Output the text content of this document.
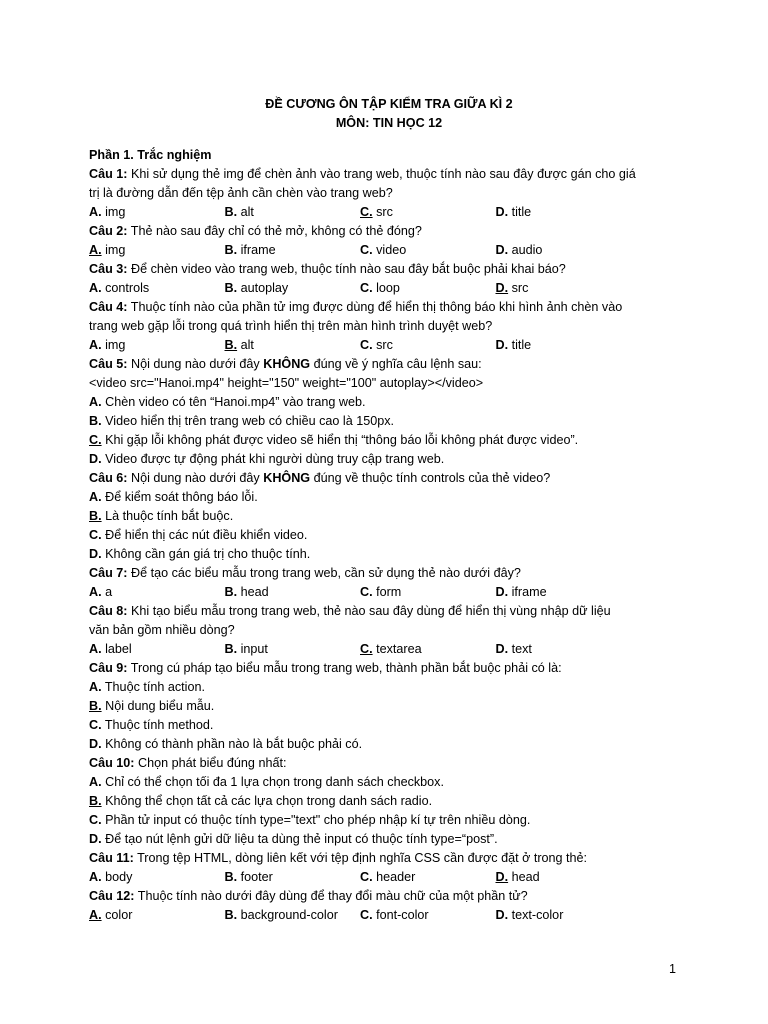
ĐỀ CƯƠNG ÔN TẬP KIỂM TRA GIỮA KÌ 2
MÔN: TIN HỌC 12
Phần 1. Trắc nghiệm
Câu 1: Khi sử dụng thẻ img để chèn ảnh vào trang web, thuộc tính nào sau đây được gán cho giá
trị là đường dẫn đến tệp ảnh cần chèn vào trang web?
A. img	B. alt	C. src	D. title
Câu 2: Thẻ nào sau đây chỉ có thẻ mở, không có thẻ đóng?
A. img	B. iframe	C. video	D. audio
Câu 3: Để chèn video vào trang web, thuộc tính nào sau đây bắt buộc phải khai báo?
A. controls	B. autoplay	C. loop	D. src
Câu 4: Thuộc tính nào của phần tử img được dùng để hiển thị thông báo khi hình ảnh chèn vào
trang web gặp lỗi trong quá trình hiển thị trên màn hình trình duyệt web?
A. img	B. alt	C. src	D. title
Câu 5: Nội dung nào dưới đây KHÔNG đúng về ý nghĩa câu lệnh sau:
<video src="Hanoi.mp4" height="150" weight="100" autoplay></video>
A. Chèn video có tên “Hanoi.mp4” vào trang web.
B. Video hiển thị trên trang web có chiều cao là 150px.
C. Khi gặp lỗi không phát được video sẽ hiển thị “thông báo lỗi không phát được video”.
D. Video được tự động phát khi người dùng truy cập trang web.
Câu 6: Nội dung nào dưới đây KHÔNG đúng về thuộc tính controls của thẻ video?
A. Để kiểm soát thông báo lỗi.
B. Là thuộc tính bắt buộc.
C. Để hiển thị các nút điều khiển video.
D. Không cần gán giá trị cho thuộc tính.
Câu 7: Để tạo các biểu mẫu trong trang web, cần sử dụng thẻ nào dưới đây?
A. a	B. head	C. form	D. iframe
Câu 8: Khi tạo biểu mẫu trong trang web, thẻ nào sau đây dùng để hiển thị vùng nhập dữ liệu
văn bản gồm nhiều dòng?
A. label	B. input	C. textarea	D. text
Câu 9: Trong cú pháp tạo biểu mẫu trong trang web, thành phần bắt buộc phải có là:
A. Thuộc tính action.
B. Nội dung biểu mẫu.
C. Thuộc tính method.
D. Không có thành phần nào là bắt buộc phải có.
Câu 10: Chọn phát biểu đúng nhất:
A. Chỉ có thể chọn tối đa 1 lựa chọn trong danh sách checkbox.
B. Không thể chọn tất cả các lựa chọn trong danh sách radio.
C. Phần tử input có thuộc tính type="text" cho phép nhập kí tự trên nhiều dòng.
D. Để tạo nút lệnh gửi dữ liệu ta dùng thẻ input có thuộc tính type=“post”.
Câu 11: Trong tệp HTML, dòng liên kết với tệp định nghĩa CSS cần được đặt ở trong thẻ:
A. body	B. footer	C. header	D. head
Câu 12: Thuộc tính nào dưới đây dùng để thay đổi màu chữ của một phần tử?
A. color	B. background-color	C. font-color	D. text-color
1
